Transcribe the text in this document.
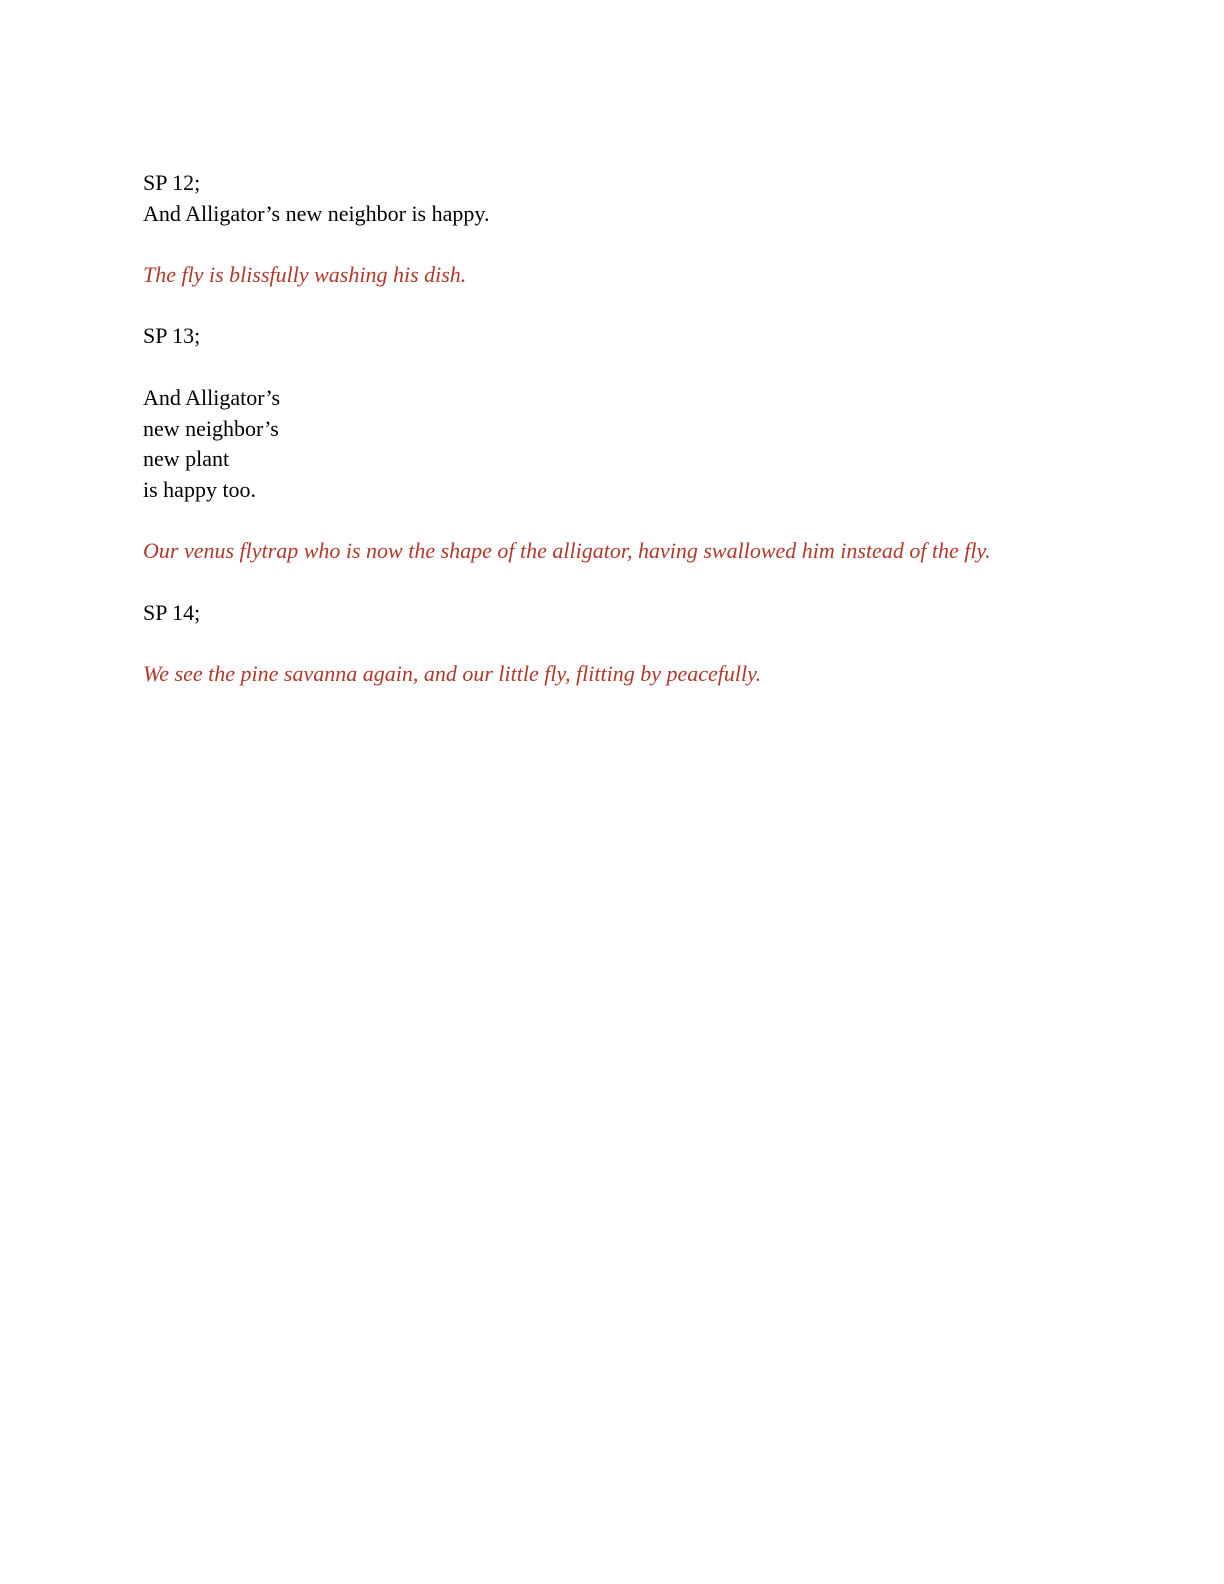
SP 12;
And Alligator’s new neighbor is happy.
The fly is blissfully washing his dish.
SP 13;
And Alligator’s
new neighbor’s
new plant
is happy too.
Our venus flytrap who is now the shape of the alligator, having swallowed him instead of the fly.
SP 14;
We see the pine savanna again, and our little fly, flitting by peacefully.
